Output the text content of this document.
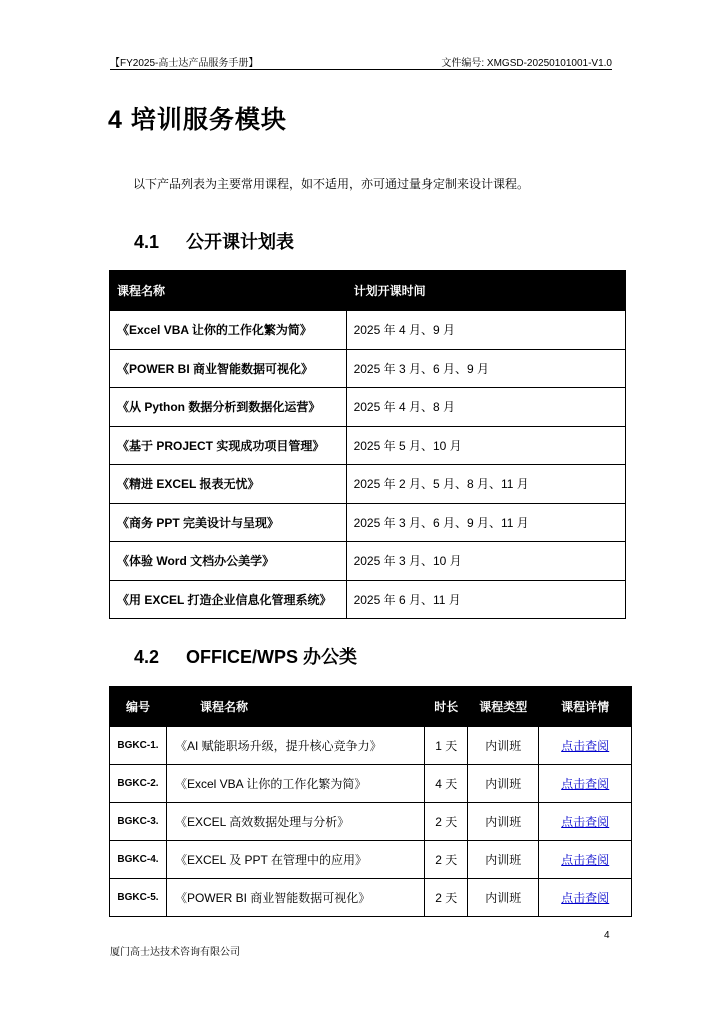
【FY2025-高士达产品服务手册】	文件编号: XMGSD-20250101001-V1.0
4 培训服务模块
以下产品列表为主要常用课程，如不适用，亦可通过量身定制来设计课程。
4.1 公开课计划表
课程名称	计划开课时间
《Excel VBA 让你的工作化繁为简》	2025 年 4 月、9 月
《POWER BI 商业智能数据可视化》	2025 年 3 月、6 月、9 月
《从 Python 数据分析到数据化运营》	2025 年 4 月、8 月
《基于 PROJECT 实现成功项目管理》	2025 年 5 月、10 月
《精进 EXCEL 报表无忧》	2025 年 2 月、5 月、8 月、11 月
《商务 PPT 完美设计与呈现》	2025 年 3 月、6 月、9 月、11 月
《体验 Word 文档办公美学》	2025 年 3 月、10 月
《用 EXCEL 打造企业信息化管理系统》	2025 年 6 月、11 月
4.2 OFFICE/WPS 办公类
编号	课程名称	时长	课程类型	课程详情
BGKC-1.	《AI 赋能职场升级，提升核心竞争力》	1 天	内训班	点击查阅
BGKC-2.	《Excel VBA 让你的工作化繁为简》	4 天	内训班	点击查阅
BGKC-3.	《EXCEL 高效数据处理与分析》	2 天	内训班	点击查阅
BGKC-4.	《EXCEL 及 PPT 在管理中的应用》	2 天	内训班	点击查阅
BGKC-5.	《POWER BI 商业智能数据可视化》	2 天	内训班	点击查阅
4
厦门高士达技术咨询有限公司
